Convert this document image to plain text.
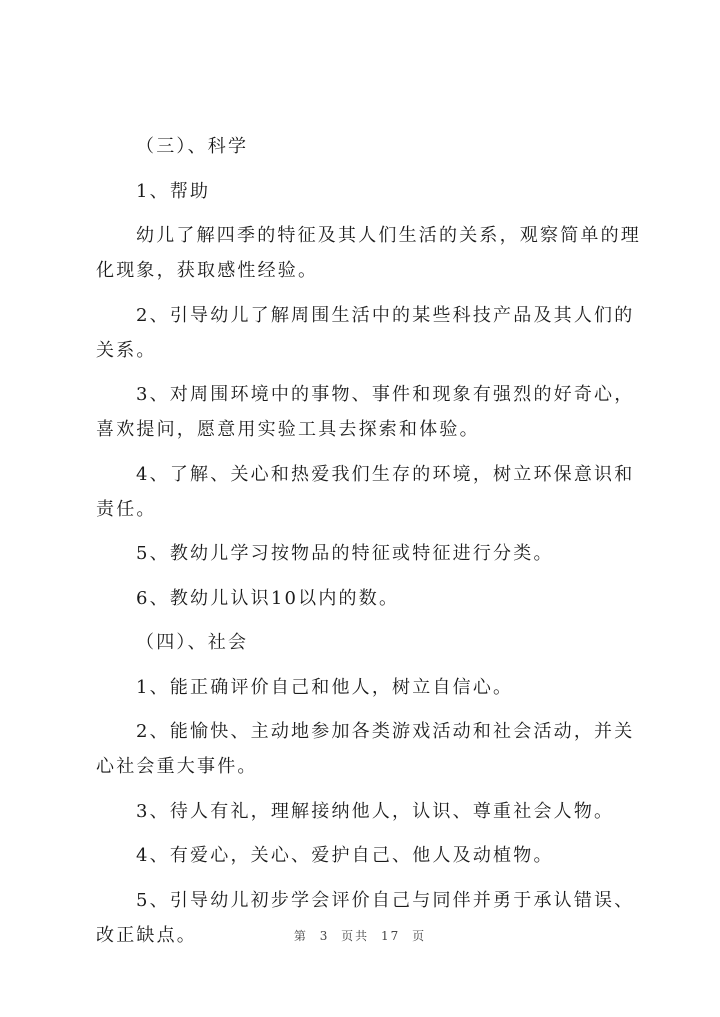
（三）、科学

1、帮助

幼儿了解四季的特征及其人们生活的关系，观察简单的理化现象，获取感性经验。

2、引导幼儿了解周围生活中的某些科技产品及其人们的关系。

3、对周围环境中的事物、事件和现象有强烈的好奇心，喜欢提问，愿意用实验工具去探索和体验。

4、了解、关心和热爱我们生存的环境，树立环保意识和责任。

5、教幼儿学习按物品的特征或特征进行分类。

6、教幼儿认识10以内的数。

（四）、社会

1、能正确评价自己和他人，树立自信心。

2、能愉快、主动地参加各类游戏活动和社会活动，并关心社会重大事件。

3、待人有礼，理解接纳他人，认识、尊重社会人物。

4、有爱心，关心、爱护自己、他人及动植物。

5、引导幼儿初步学会评价自己与同伴并勇于承认错误、改正缺点。	第 3 页共 17 页
